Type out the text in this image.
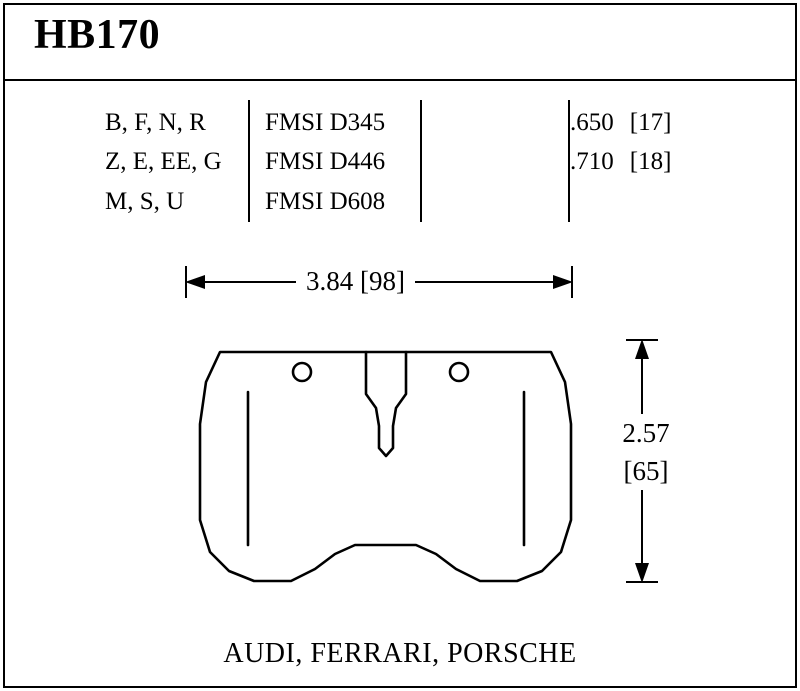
HB170
B, F, N, R
Z, E, EE, G
M, S, U
FMSI D345
FMSI D446
FMSI D608
.650 [17]
.710 [18]
3.84 [98]
2.57
[65]
AUDI, FERRARI, PORSCHE
